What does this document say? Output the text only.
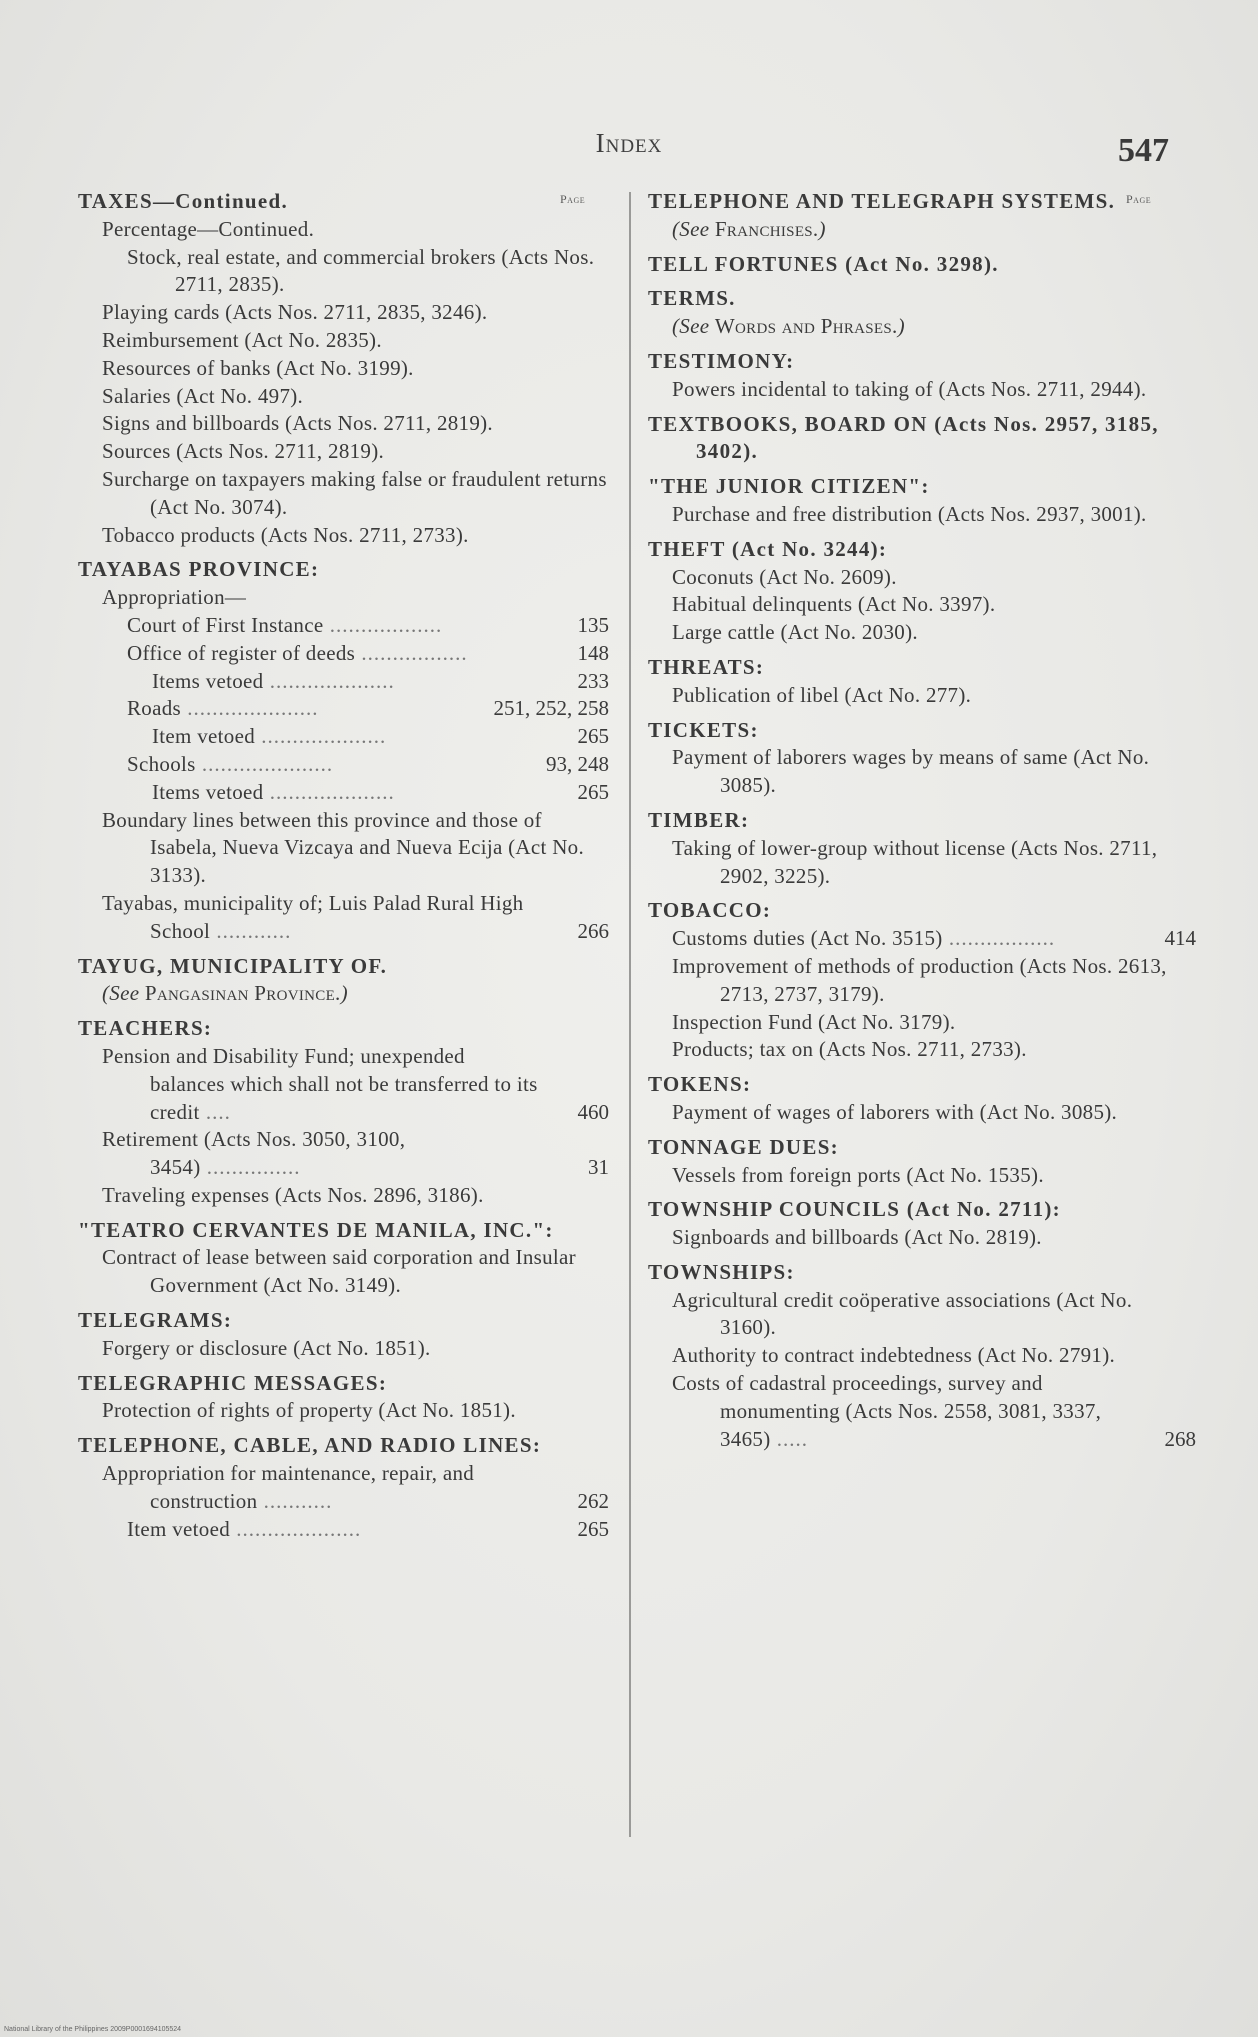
Index	547
Page
TAXES—Continued.
Percentage—Continued.
Stock, real estate, and commercial brokers (Acts Nos. 2711, 2835).
Playing cards (Acts Nos. 2711, 2835, 3246).
Reimbursement (Act No. 2835).
Resources of banks (Act No. 3199).
Salaries (Act No. 497).
Signs and billboards (Acts Nos. 2711, 2819).
Sources (Acts Nos. 2711, 2819).
Surcharge on taxpayers making false or fraudulent returns (Act No. 3074).
Tobacco products (Acts Nos. 2711, 2733).
TAYABAS PROVINCE:
Appropriation—
Court of First Instance ..................	135
Office of register of deeds .................	148
Items vetoed ....................	233
Roads .....................	251, 252, 258
Item vetoed ....................	265
Schools .....................	93, 248
Items vetoed ....................	265
Boundary lines between this province and those of Isabela, Nueva Vizcaya and Nueva Ecija (Act No. 3133).
Tayabas, municipality of; Luis Palad Rural High School ............	266
TAYUG, MUNICIPALITY OF.
(See Pangasinan Province.)
TEACHERS:
Pension and Disability Fund; unexpended balances which shall not be transferred to its credit ....	460
Retirement (Acts Nos. 3050, 3100, 3454) ...............	31
Traveling expenses (Acts Nos. 2896, 3186).
"TEATRO CERVANTES DE MANILA, INC.":
Contract of lease between said corporation and Insular Government (Act No. 3149).
TELEGRAMS:
Forgery or disclosure (Act No. 1851).
TELEGRAPHIC MESSAGES:
Protection of rights of property (Act No. 1851).
TELEPHONE, CABLE, AND RADIO LINES:
Appropriation for maintenance, repair, and construction ...........	262
Item vetoed ....................	265
Page
TELEPHONE AND TELEGRAPH SYSTEMS.
(See Franchises.)
TELL FORTUNES (Act No. 3298).
TERMS.
(See Words and Phrases.)
TESTIMONY:
Powers incidental to taking of (Acts Nos. 2711, 2944).
TEXTBOOKS, BOARD ON (Acts Nos. 2957, 3185, 3402).
"THE JUNIOR CITIZEN":
Purchase and free distribution (Acts Nos. 2937, 3001).
THEFT (Act No. 3244):
Coconuts (Act No. 2609).
Habitual delinquents (Act No. 3397).
Large cattle (Act No. 2030).
THREATS:
Publication of libel (Act No. 277).
TICKETS:
Payment of laborers wages by means of same (Act No. 3085).
TIMBER:
Taking of lower-group without license (Acts Nos. 2711, 2902, 3225).
TOBACCO:
Customs duties (Act No. 3515) .................	414
Improvement of methods of production (Acts Nos. 2613, 2713, 2737, 3179).
Inspection Fund (Act No. 3179).
Products; tax on (Acts Nos. 2711, 2733).
TOKENS:
Payment of wages of laborers with (Act No. 3085).
TONNAGE DUES:
Vessels from foreign ports (Act No. 1535).
TOWNSHIP COUNCILS (Act No. 2711):
Signboards and billboards (Act No. 2819).
TOWNSHIPS:
Agricultural credit coöperative associations (Act No. 3160).
Authority to contract indebtedness (Act No. 2791).
Costs of cadastral proceedings, survey and monumenting (Acts Nos. 2558, 3081, 3337, 3465) .....	268
National Library of the Philippines 2009P0001694105524
